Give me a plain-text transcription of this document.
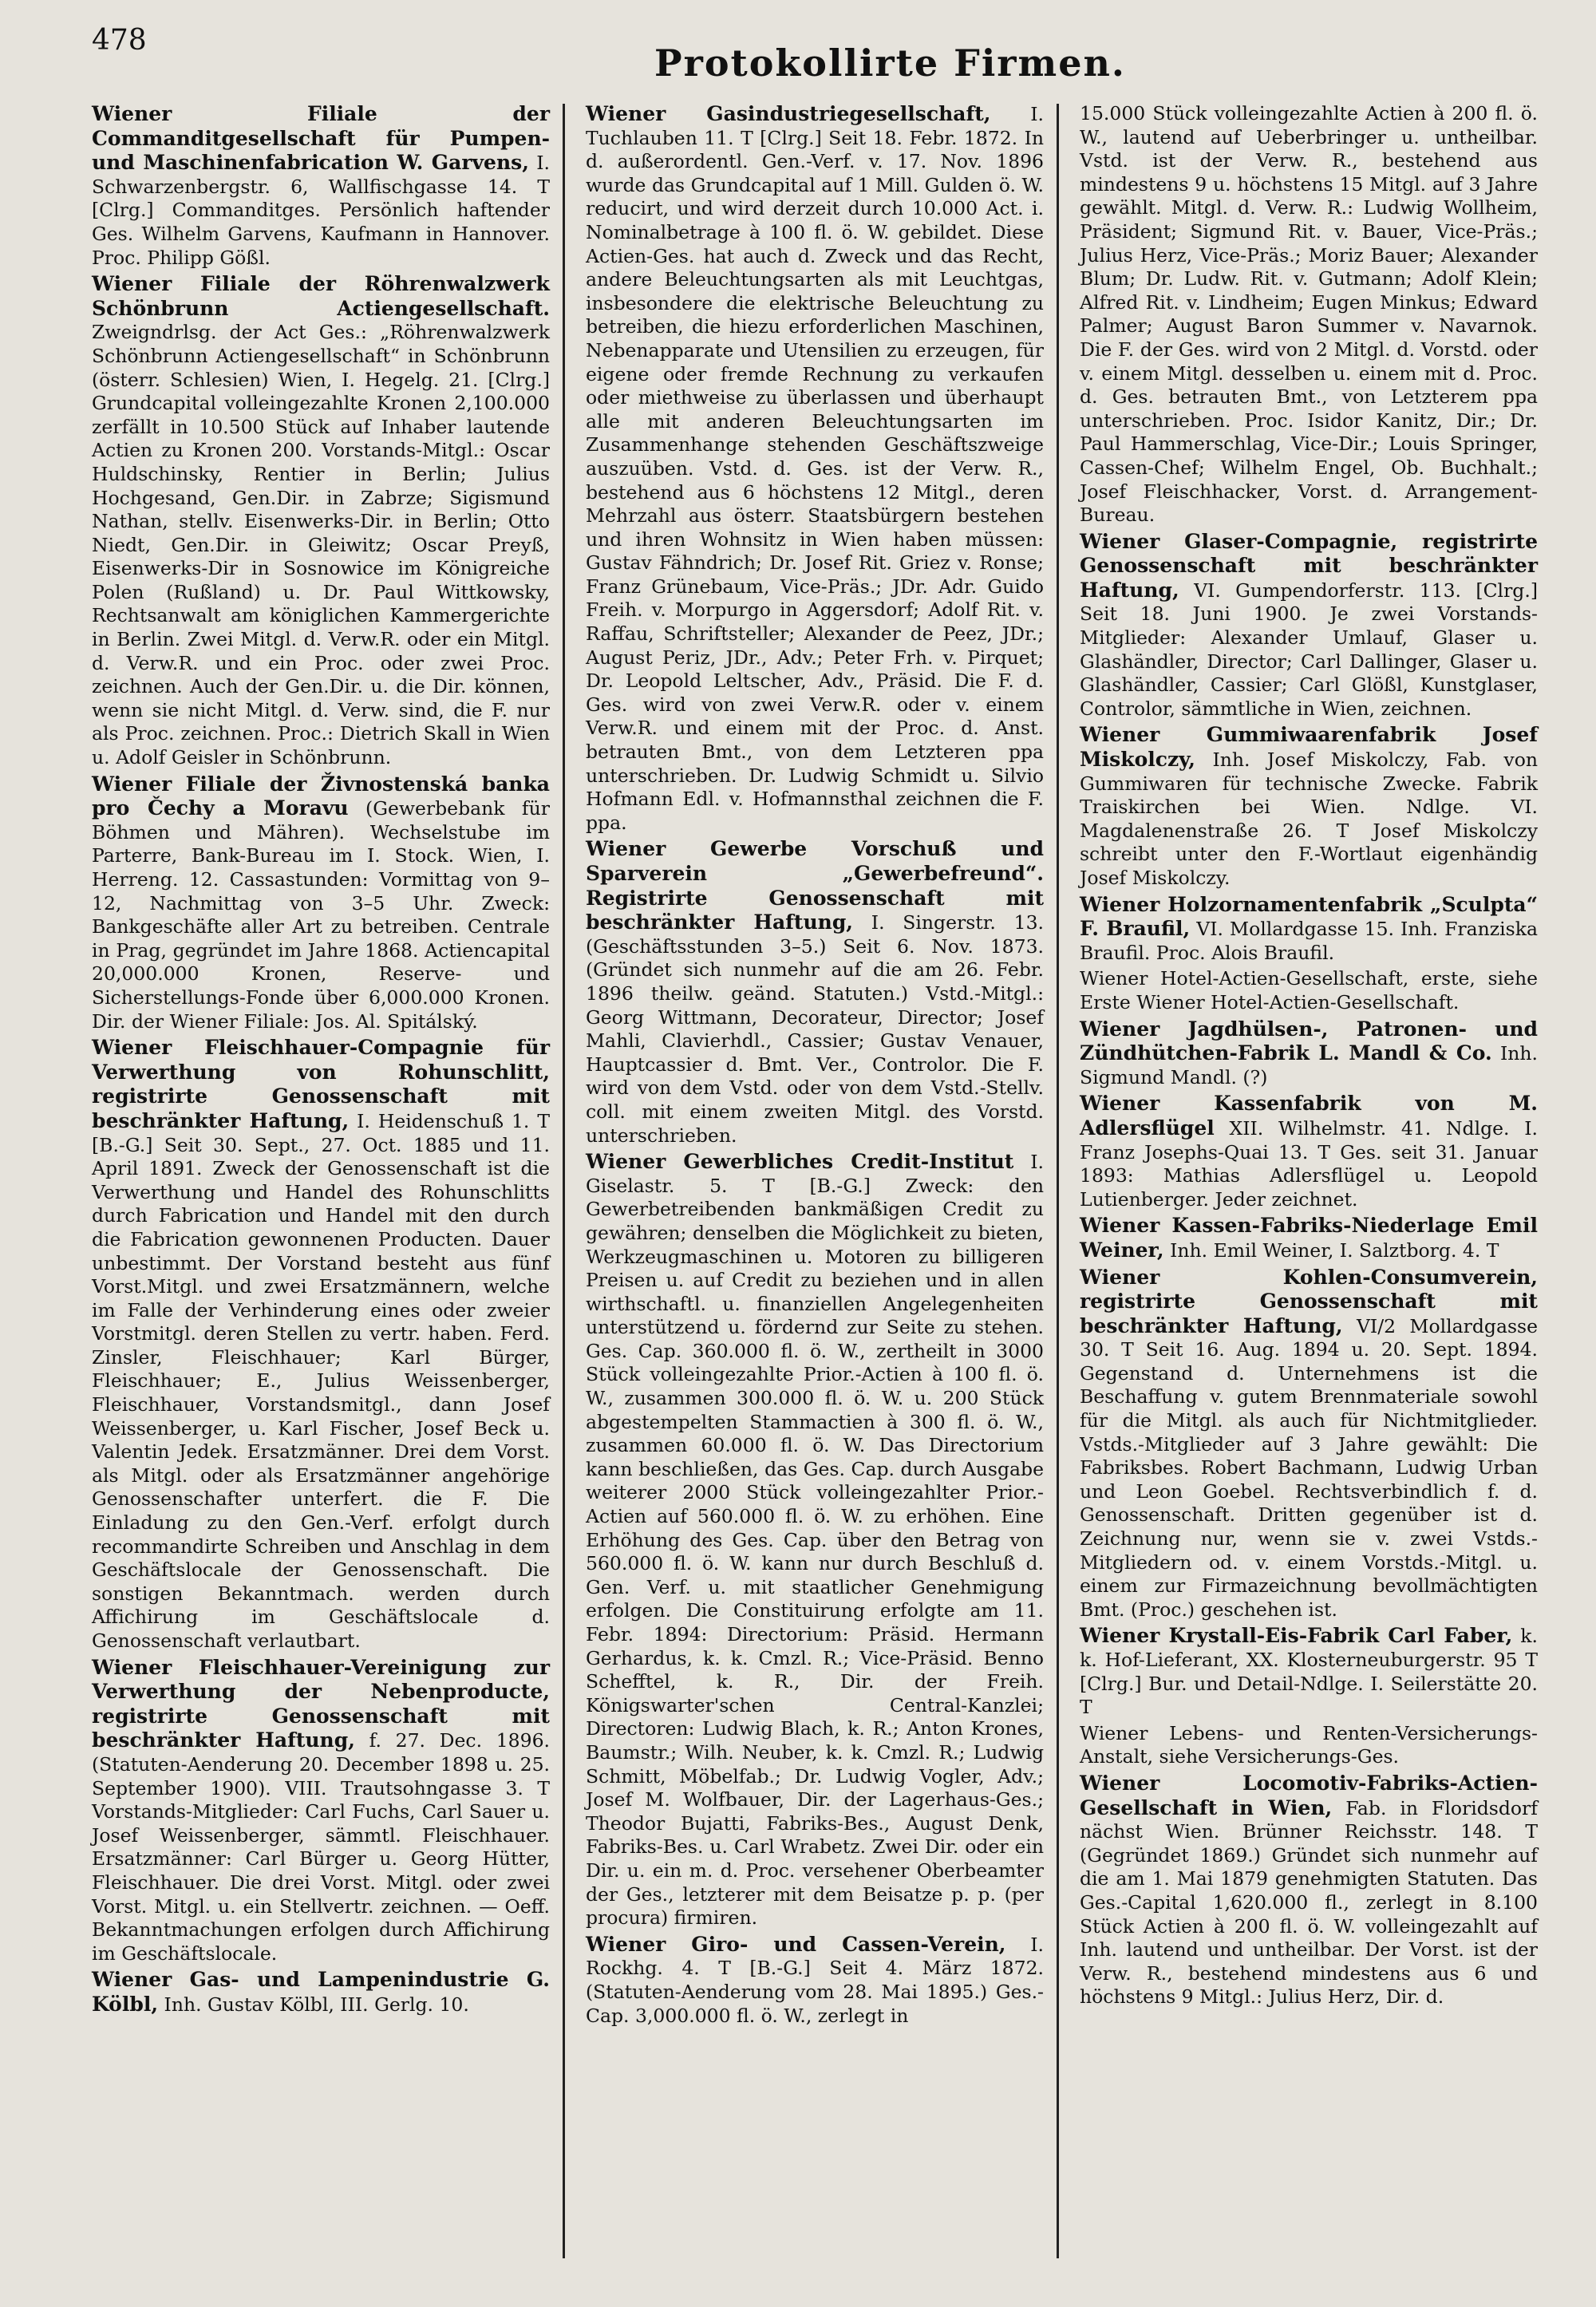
478
Protokollirte Firmen.

Wiener Filiale der Commanditgesellschaft für Pumpen- und Maschinenfabrication W. Garvens, I. Schwarzenbergstr. 6, Wallfischgasse 14. T [Clrg.] Commanditges. Persönlich haftender Ges. Wilhelm Garvens, Kaufmann in Hannover. Proc. Philipp Gößl.

Wiener Filiale der Röhrenwalzwerk Schönbrunn Actiengesellschaft. Zweigndrlsg. der Act Ges.: „Röhrenwalzwerk Schönbrunn Actiengesellschaft“ in Schönbrunn (österr. Schlesien) Wien, I. Hegelg. 21. [Clrg.] Grundcapital volleingezahlte Kronen 2,100.000 zerfällt in 10.500 Stück auf Inhaber lautende Actien zu Kronen 200. Vorstands-Mitgl.: Oscar Huldschinsky, Rentier in Berlin; Julius Hochgesand, Gen.Dir. in Zabrze; Sigismund Nathan, stellv. Eisenwerks-Dir. in Berlin; Otto Niedt, Gen.Dir. in Gleiwitz; Oscar Preyß, Eisenwerks-Dir in Sosnowice im Königreiche Polen (Rußland) u. Dr. Paul Wittkowsky, Rechtsanwalt am königlichen Kammergerichte in Berlin. Zwei Mitgl. d. Verw.R. oder ein Mitgl. d. Verw.R. und ein Proc. oder zwei Proc. zeichnen. Auch der Gen.Dir. u. die Dir. können, wenn sie nicht Mitgl. d. Verw. sind, die F. nur als Proc. zeichnen. Proc.: Dietrich Skall in Wien u. Adolf Geisler in Schönbrunn.

Wiener Filiale der Živnostenská banka pro Čechy a Moravu (Gewerbebank für Böhmen und Mähren). Wechselstube im Parterre, Bank-Bureau im I. Stock. Wien, I. Herreng. 12. Cassastunden: Vormittag von 9–12, Nachmittag von 3–5 Uhr. Zweck: Bankgeschäfte aller Art zu betreiben. Centrale in Prag, gegründet im Jahre 1868. Actiencapital 20,000.000 Kronen, Reserve- und Sicherstellungs-Fonde über 6,000.000 Kronen. Dir. der Wiener Filiale: Jos. Al. Spitálský.

Wiener Fleischhauer-Compagnie für Verwerthung von Rohunschlitt, registrirte Genossenschaft mit beschränkter Haftung, I. Heidenschuß 1. T [B.-G.] Seit 30. Sept., 27. Oct. 1885 und 11. April 1891. Zweck der Genossenschaft ist die Verwerthung und Handel des Rohunschlitts durch Fabrication und Handel mit den durch die Fabrication gewonnenen Producten. Dauer unbestimmt. Der Vorstand besteht aus fünf Vorst.Mitgl. und zwei Ersatzmännern, welche im Falle der Verhinderung eines oder zweier Vorstmitgl. deren Stellen zu vertr. haben. Ferd. Zinsler, Fleischhauer; Karl Bürger, Fleischhauer; E., Julius Weissenberger, Fleischhauer, Vorstandsmitgl., dann Josef Weissenberger, u. Karl Fischer, Josef Beck u. Valentin Jedek. Ersatzmänner. Drei dem Vorst. als Mitgl. oder als Ersatzmänner angehörige Genossenschafter unterfert. die F. Die Einladung zu den Gen.-Verf. erfolgt durch recommandirte Schreiben und Anschlag in dem Geschäftslocale der Genossenschaft. Die sonstigen Bekanntmach. werden durch Affichirung im Geschäftslocale d. Genossenschaft verlautbart.

Wiener Fleischhauer-Vereinigung zur Verwerthung der Nebenproducte, registrirte Genossenschaft mit beschränkter Haftung, f. 27. Dec. 1896. (Statuten-Aenderung 20. December 1898 u. 25. September 1900). VIII. Trautsohngasse 3. T Vorstands-Mitglieder: Carl Fuchs, Carl Sauer u. Josef Weissenberger, sämmtl. Fleischhauer. Ersatzmänner: Carl Bürger u. Georg Hütter, Fleischhauer. Die drei Vorst. Mitgl. oder zwei Vorst. Mitgl. u. ein Stellvertr. zeichnen. — Oeff. Bekanntmachungen erfolgen durch Affichirung im Geschäftslocale.

Wiener Gas- und Lampenindustrie G. Kölbl, Inh. Gustav Kölbl, III. Gerlg. 10.

Wiener Gasindustriegesellschaft, I. Tuchlauben 11. T [Clrg.] Seit 18. Febr. 1872. In d. außerordentl. Gen.-Verf. v. 17. Nov. 1896 wurde das Grundcapital auf 1 Mill. Gulden ö. W. reducirt, und wird derzeit durch 10.000 Act. i. Nominalbetrage à 100 fl. ö. W. gebildet. Diese Actien-Ges. hat auch d. Zweck und das Recht, andere Beleuchtungsarten als mit Leuchtgas, insbesondere die elektrische Beleuchtung zu betreiben, die hiezu erforderlichen Maschinen, Nebenapparate und Utensilien zu erzeugen, für eigene oder fremde Rechnung zu verkaufen oder miethweise zu überlassen und überhaupt alle mit anderen Beleuchtungsarten im Zusammenhange stehenden Geschäftszweige auszuüben. Vstd. d. Ges. ist der Verw. R., bestehend aus 6 höchstens 12 Mitgl., deren Mehrzahl aus österr. Staatsbürgern bestehen und ihren Wohnsitz in Wien haben müssen: Gustav Fähndrich; Dr. Josef Rit. Griez v. Ronse; Franz Grünebaum, Vice-Präs.; JDr. Adr. Guido Freih. v. Morpurgo in Aggersdorf; Adolf Rit. v. Raffau, Schriftsteller; Alexander de Peez, JDr.; August Periz, JDr., Adv.; Peter Frh. v. Pirquet; Dr. Leopold Leltscher, Adv., Präsid. Die F. d. Ges. wird von zwei Verw.R. oder v. einem Verw.R. und einem mit der Proc. d. Anst. betrauten Bmt., von dem Letzteren ppa unterschrieben. Dr. Ludwig Schmidt u. Silvio Hofmann Edl. v. Hofmannsthal zeichnen die F. ppa.

Wiener Gewerbe Vorschuß und Sparverein „Gewerbefreund“. Registrirte Genossenschaft mit beschränkter Haftung, I. Singerstr. 13. (Geschäftsstunden 3–5.) Seit 6. Nov. 1873. (Gründet sich nunmehr auf die am 26. Febr. 1896 theilw. geänd. Statuten.) Vstd.-Mitgl.: Georg Wittmann, Decorateur, Director; Josef Mahli, Clavierhdl., Cassier; Gustav Venauer, Hauptcassier d. Bmt. Ver., Controlor. Die F. wird von dem Vstd. oder von dem Vstd.-Stellv. coll. mit einem zweiten Mitgl. des Vorstd. unterschrieben.

Wiener Gewerbliches Credit-Institut I. Giselastr. 5. T [B.-G.] Zweck: den Gewerbetreibenden bankmäßigen Credit zu gewähren; denselben die Möglichkeit zu bieten, Werkzeugmaschinen u. Motoren zu billigeren Preisen u. auf Credit zu beziehen und in allen wirthschaftl. u. finanziellen Angelegenheiten unterstützend u. fördernd zur Seite zu stehen. Ges. Cap. 360.000 fl. ö. W., zertheilt in 3000 Stück volleingezahlte Prior.-Actien à 100 fl. ö. W., zusammen 300.000 fl. ö. W. u. 200 Stück abgestempelten Stammactien à 300 fl. ö. W., zusammen 60.000 fl. ö. W. Das Directorium kann beschließen, das Ges. Cap. durch Ausgabe weiterer 2000 Stück volleingezahlter Prior.-Actien auf 560.000 fl. ö. W. zu erhöhen. Eine Erhöhung des Ges. Cap. über den Betrag von 560.000 fl. ö. W. kann nur durch Beschluß d. Gen. Verf. u. mit staatlicher Genehmigung erfolgen. Die Constituirung erfolgte am 11. Febr. 1894: Directorium: Präsid. Hermann Gerhardus, k. k. Cmzl. R.; Vice-Präsid. Benno Schefftel, k. R., Dir. der Freih. Königswarter'schen Central-Kanzlei; Directoren: Ludwig Blach, k. R.; Anton Krones, Baumstr.; Wilh. Neuber, k. k. Cmzl. R.; Ludwig Schmitt, Möbelfab.; Dr. Ludwig Vogler, Adv.; Josef M. Wolfbauer, Dir. der Lagerhaus-Ges.; Theodor Bujatti, Fabriks-Bes., August Denk, Fabriks-Bes. u. Carl Wrabetz. Zwei Dir. oder ein Dir. u. ein m. d. Proc. versehener Oberbeamter der Ges., letzterer mit dem Beisatze p. p. (per procura) firmiren.

Wiener Giro- und Cassen-Verein, I. Rockhg. 4. T [B.-G.] Seit 4. März 1872. (Statuten-Aenderung vom 28. Mai 1895.) Ges.-Cap. 3,000.000 fl. ö. W., zerlegt in

15.000 Stück volleingezahlte Actien à 200 fl. ö. W., lautend auf Ueberbringer u. untheilbar. Vstd. ist der Verw. R., bestehend aus mindestens 9 u. höchstens 15 Mitgl. auf 3 Jahre gewählt. Mitgl. d. Verw. R.: Ludwig Wollheim, Präsident; Sigmund Rit. v. Bauer, Vice-Präs.; Julius Herz, Vice-Präs.; Moriz Bauer; Alexander Blum; Dr. Ludw. Rit. v. Gutmann; Adolf Klein; Alfred Rit. v. Lindheim; Eugen Minkus; Edward Palmer; August Baron Summer v. Navarnok. Die F. der Ges. wird von 2 Mitgl. d. Vorstd. oder v. einem Mitgl. desselben u. einem mit d. Proc. d. Ges. betrauten Bmt., von Letzterem ppa unterschrieben. Proc. Isidor Kanitz, Dir.; Dr. Paul Hammerschlag, Vice-Dir.; Louis Springer, Cassen-Chef; Wilhelm Engel, Ob. Buchhalt.; Josef Fleischhacker, Vorst. d. Arrangement-Bureau.

Wiener Glaser-Compagnie, registrirte Genossenschaft mit beschränkter Haftung, VI. Gumpendorferstr. 113. [Clrg.] Seit 18. Juni 1900. Je zwei Vorstands-Mitglieder: Alexander Umlauf, Glaser u. Glashändler, Director; Carl Dallinger, Glaser u. Glashändler, Cassier; Carl Glößl, Kunstglaser, Controlor, sämmtliche in Wien, zeichnen.

Wiener Gummiwaarenfabrik Josef Miskolczy, Inh. Josef Miskolczy, Fab. von Gummiwaren für technische Zwecke. Fabrik Traiskirchen bei Wien. Ndlge. VI. Magdalenenstraße 26. T Josef Miskolczy schreibt unter den F.-Wortlaut eigenhändig Josef Miskolczy.

Wiener Holzornamentenfabrik „Sculpta“ F. Braufil, VI. Mollardgasse 15. Inh. Franziska Braufil. Proc. Alois Braufil.

Wiener Hotel-Actien-Gesellschaft, erste, siehe Erste Wiener Hotel-Actien-Gesellschaft.

Wiener Jagdhülsen-, Patronen- und Zündhütchen-Fabrik L. Mandl & Co. Inh. Sigmund Mandl. (?)

Wiener Kassenfabrik von M. Adlersflügel XII. Wilhelmstr. 41. Ndlge. I. Franz Josephs-Quai 13. T Ges. seit 31. Januar 1893: Mathias Adlersflügel u. Leopold Lutienberger. Jeder zeichnet.

Wiener Kassen-Fabriks-Niederlage Emil Weiner, Inh. Emil Weiner, I. Salztborg. 4. T

Wiener Kohlen-Consumverein, registrirte Genossenschaft mit beschränkter Haftung, VI/2 Mollardgasse 30. T Seit 16. Aug. 1894 u. 20. Sept. 1894. Gegenstand d. Unternehmens ist die Beschaffung v. gutem Brennmateriale sowohl für die Mitgl. als auch für Nichtmitglieder. Vstds.-Mitglieder auf 3 Jahre gewählt: Die Fabriksbes. Robert Bachmann, Ludwig Urban und Leon Goebel. Rechtsverbindlich f. d. Genossenschaft. Dritten gegenüber ist d. Zeichnung nur, wenn sie v. zwei Vstds.-Mitgliedern od. v. einem Vorstds.-Mitgl. u. einem zur Firmazeichnung bevollmächtigten Bmt. (Proc.) geschehen ist.

Wiener Krystall-Eis-Fabrik Carl Faber, k. k. Hof-Lieferant, XX. Klosterneuburgerstr. 95 T [Clrg.] Bur. und Detail-Ndlge. I. Seilerstätte 20. T

Wiener Lebens- und Renten-Versicherungs-Anstalt, siehe Versicherungs-Ges.

Wiener Locomotiv-Fabriks-Actien-Gesellschaft in Wien, Fab. in Floridsdorf nächst Wien. Brünner Reichsstr. 148. T (Gegründet 1869.) Gründet sich nunmehr auf die am 1. Mai 1879 genehmigten Statuten. Das Ges.-Capital 1,620.000 fl., zerlegt in 8.100 Stück Actien à 200 fl. ö. W. volleingezahlt auf Inh. lautend und untheilbar. Der Vorst. ist der Verw. R., bestehend mindestens aus 6 und höchstens 9 Mitgl.: Julius Herz, Dir. d.
